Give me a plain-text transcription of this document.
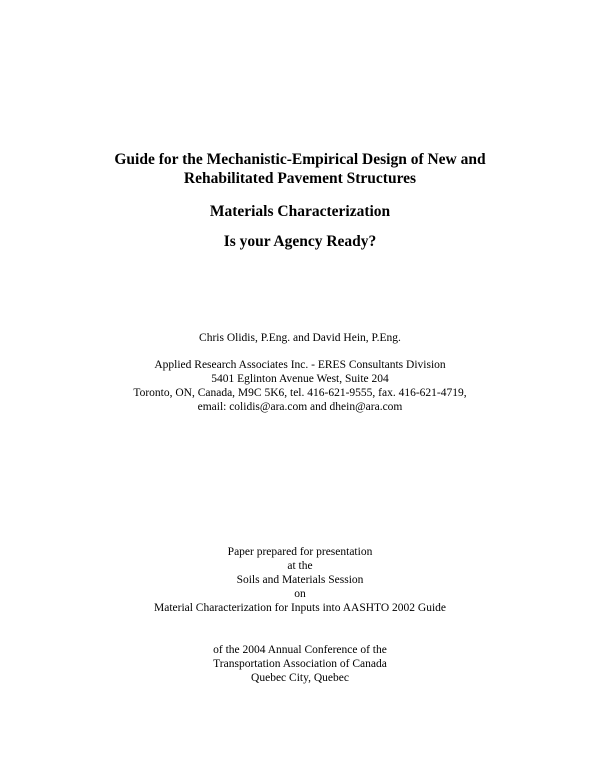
Guide for the Mechanistic-Empirical Design of New and
Rehabilitated Pavement Structures
Materials Characterization
Is your Agency Ready?
Chris Olidis, P.Eng. and David Hein, P.Eng.
Applied Research Associates Inc. - ERES Consultants Division
5401 Eglinton Avenue West, Suite 204
Toronto, ON, Canada, M9C 5K6, tel. 416-621-9555, fax. 416-621-4719,
email: colidis@ara.com and dhein@ara.com
Paper prepared for presentation
at the
Soils and Materials Session
on
Material Characterization for Inputs into AASHTO 2002 Guide
of the 2004 Annual Conference of the
Transportation Association of Canada
Quebec City, Quebec
